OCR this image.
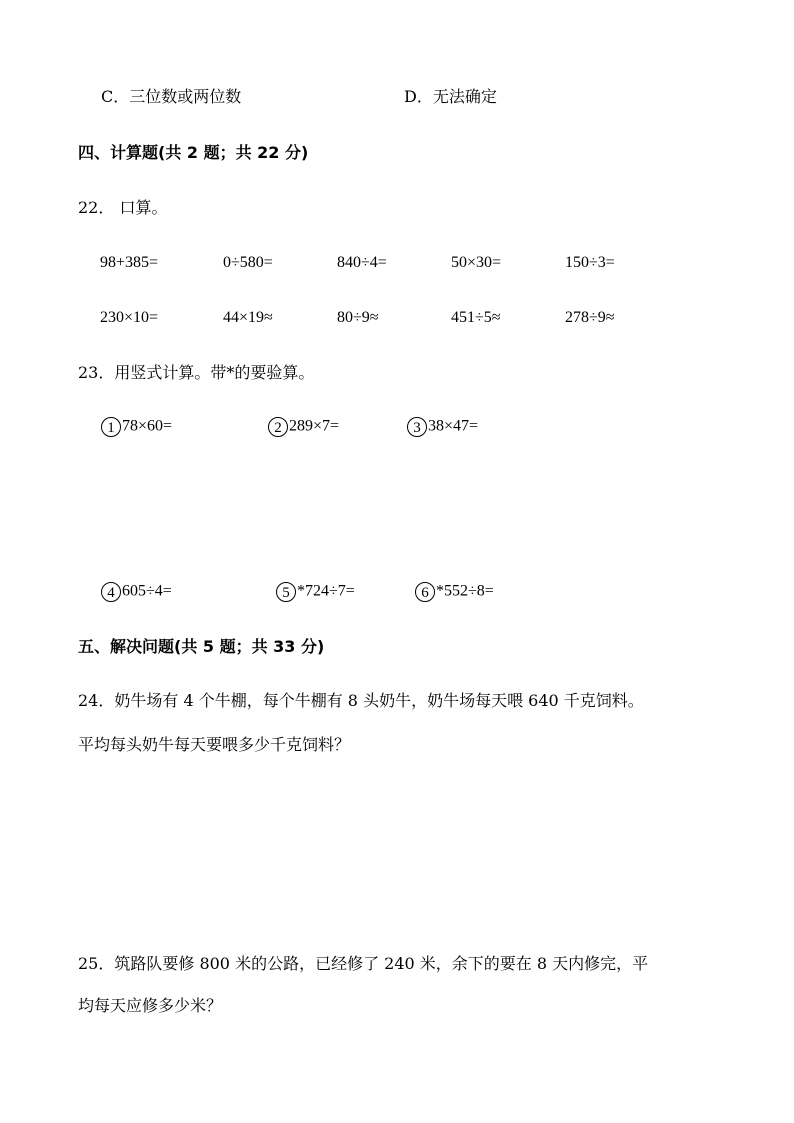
C．三位数或两位数	D．无法确定
四、计算题(共 2 题；共 22 分)
22． 口算。
98+385=	0÷580=	840÷4=	50×30=	150÷3=
230×10=	44×19≈	80÷9≈	451÷5≈	278÷9≈
23．用竖式计算。带*的要验算。
1 78×60=	2 289×7=	3 38×47=
4 605÷4=	5 *724÷7=	6 *552÷8=
五、解决问题(共 5 题；共 33 分)
24．奶牛场有 4 个牛棚，每个牛棚有 8 头奶牛，奶牛场每天喂 640 千克饲料。
平均每头奶牛每天要喂多少千克饲料？
25．筑路队要修 800 米的公路，已经修了 240 米，余下的要在 8 天内修完，平
均每天应修多少米？
